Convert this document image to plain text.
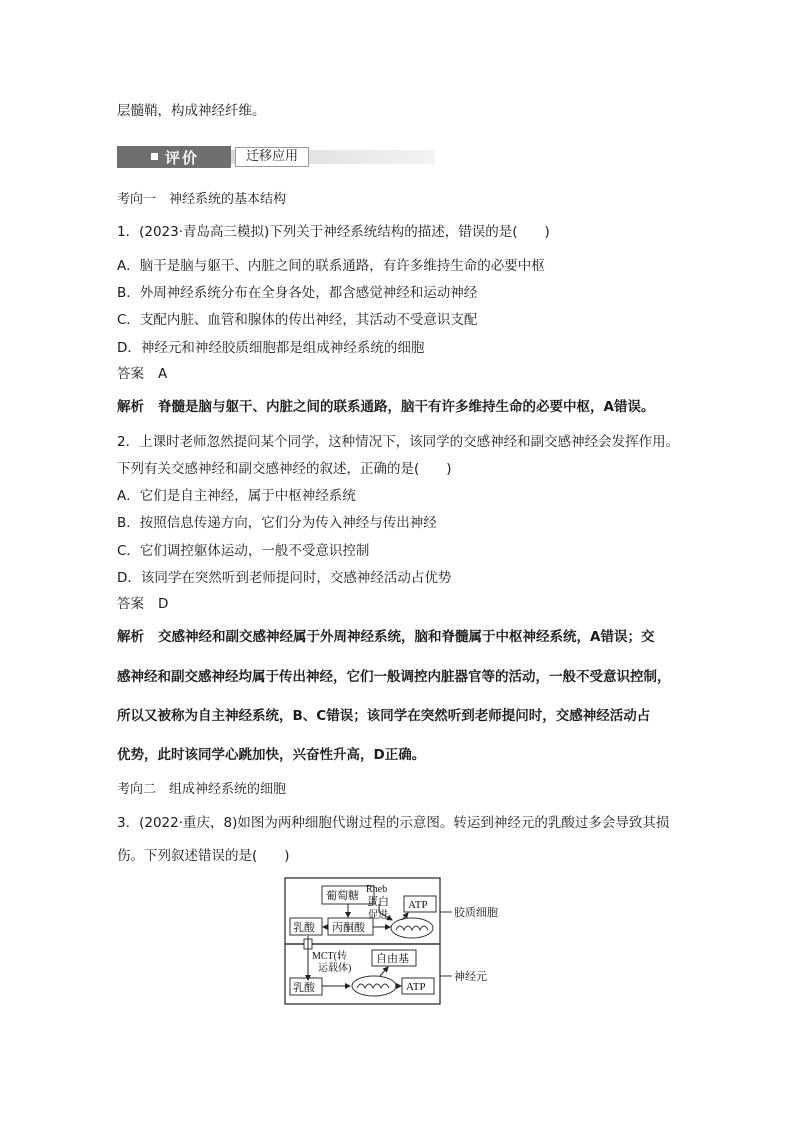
层髓鞘，构成神经纤维。
评价	迁移应用
考向一　神经系统的基本结构
1．(2023·青岛高三模拟)下列关于神经系统结构的描述，错误的是(　　)
A．脑干是脑与躯干、内脏之间的联系通路，有许多维持生命的必要中枢
B．外周神经系统分布在全身各处，都含感觉神经和运动神经
C．支配内脏、血管和腺体的传出神经，其活动不受意识支配
D．神经元和神经胶质细胞都是组成神经系统的细胞
答案 A
解析 脊髓是脑与躯干、内脏之间的联系通路，脑干有许多维持生命的必要中枢，A错误。
2．上课时老师忽然提问某个同学，这种情况下，该同学的交感神经和副交感神经会发挥作用。
下列有关交感神经和副交感神经的叙述，正确的是(　　)
A．它们是自主神经，属于中枢神经系统
B．按照信息传递方向，它们分为传入神经与传出神经
C．它们调控躯体运动，一般不受意识控制
D．该同学在突然听到老师提问时，交感神经活动占优势
答案 D
解析 交感神经和副交感神经属于外周神经系统，脑和脊髓属于中枢神经系统，A错误；交
感神经和副交感神经均属于传出神经，它们一般调控内脏器官等的活动，一般不受意识控制，
所以又被称为自主神经系统，B、C错误；该同学在突然听到老师提问时，交感神经活动占
优势，此时该同学心跳加快，兴奋性升高，D正确。
考向二　组成神经系统的细胞
3．(2022·重庆，8)如图为两种细胞代谢过程的示意图。转运到神经元的乳酸过多会导致其损
伤。下列叙述错误的是(　　)
葡萄糖
Rheb
蛋白 ATP
促进
乳酸 丙酮酸
胶质细胞
MCT(转
运载体)
自由基
乳酸	ATP
神经元
